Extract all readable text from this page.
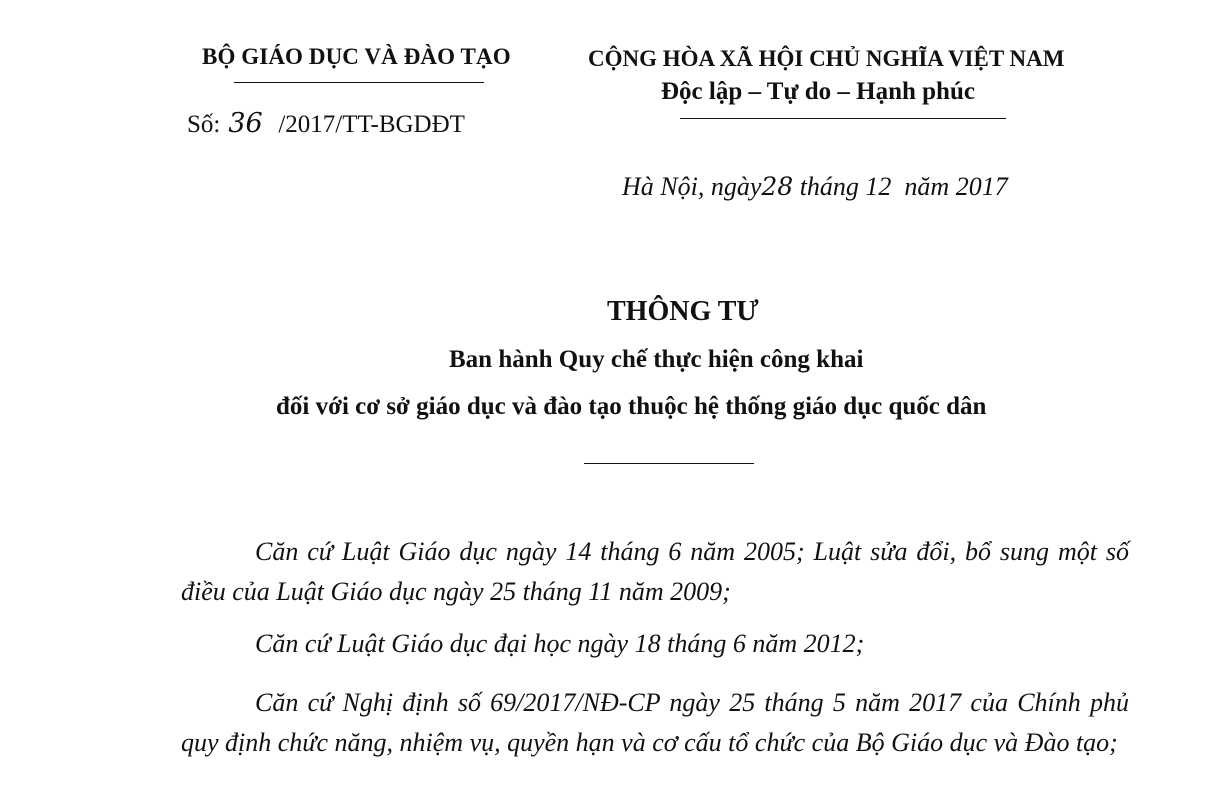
BỘ GIÁO DỤC VÀ ĐÀO TẠO
Số: 36 /2017/TT-BGDĐT
CỘNG HÒA XÃ HỘI CHỦ NGHĨA VIỆT NAM
Độc lập – Tự do – Hạnh phúc
Hà Nội, ngày28 tháng 12  năm 2017
THÔNG TƯ
Ban hành Quy chế thực hiện công khai
đối với cơ sở giáo dục và đào tạo thuộc hệ thống giáo dục quốc dân

Căn cứ Luật Giáo dục ngày 14 tháng 6 năm 2005; Luật sửa đổi, bổ sung một số điều của Luật Giáo dục ngày 25 tháng 11 năm 2009;

Căn cứ Luật Giáo dục đại học ngày 18 tháng 6 năm 2012;

Căn cứ Nghị định số 69/2017/NĐ-CP ngày 25 tháng 5 năm 2017 của Chính phủ quy định chức năng, nhiệm vụ, quyền hạn và cơ cấu tổ chức của Bộ Giáo dục và Đào tạo;
